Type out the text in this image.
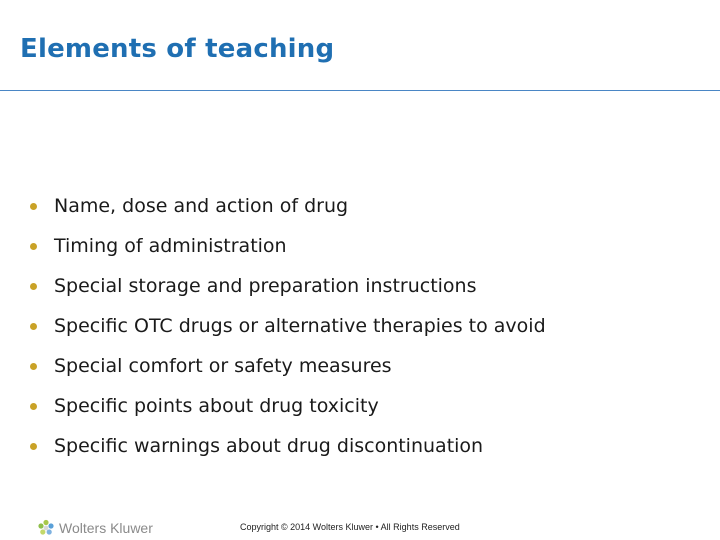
Elements of teaching
Name, dose and action of drug
Timing of administration
Special storage and preparation instructions
Specific OTC drugs or alternative therapies to avoid
Special comfort or safety measures
Specific points about drug toxicity
Specific warnings about drug discontinuation
Wolters Kluwer	Copyright © 2014 Wolters Kluwer • All Rights Reserved
